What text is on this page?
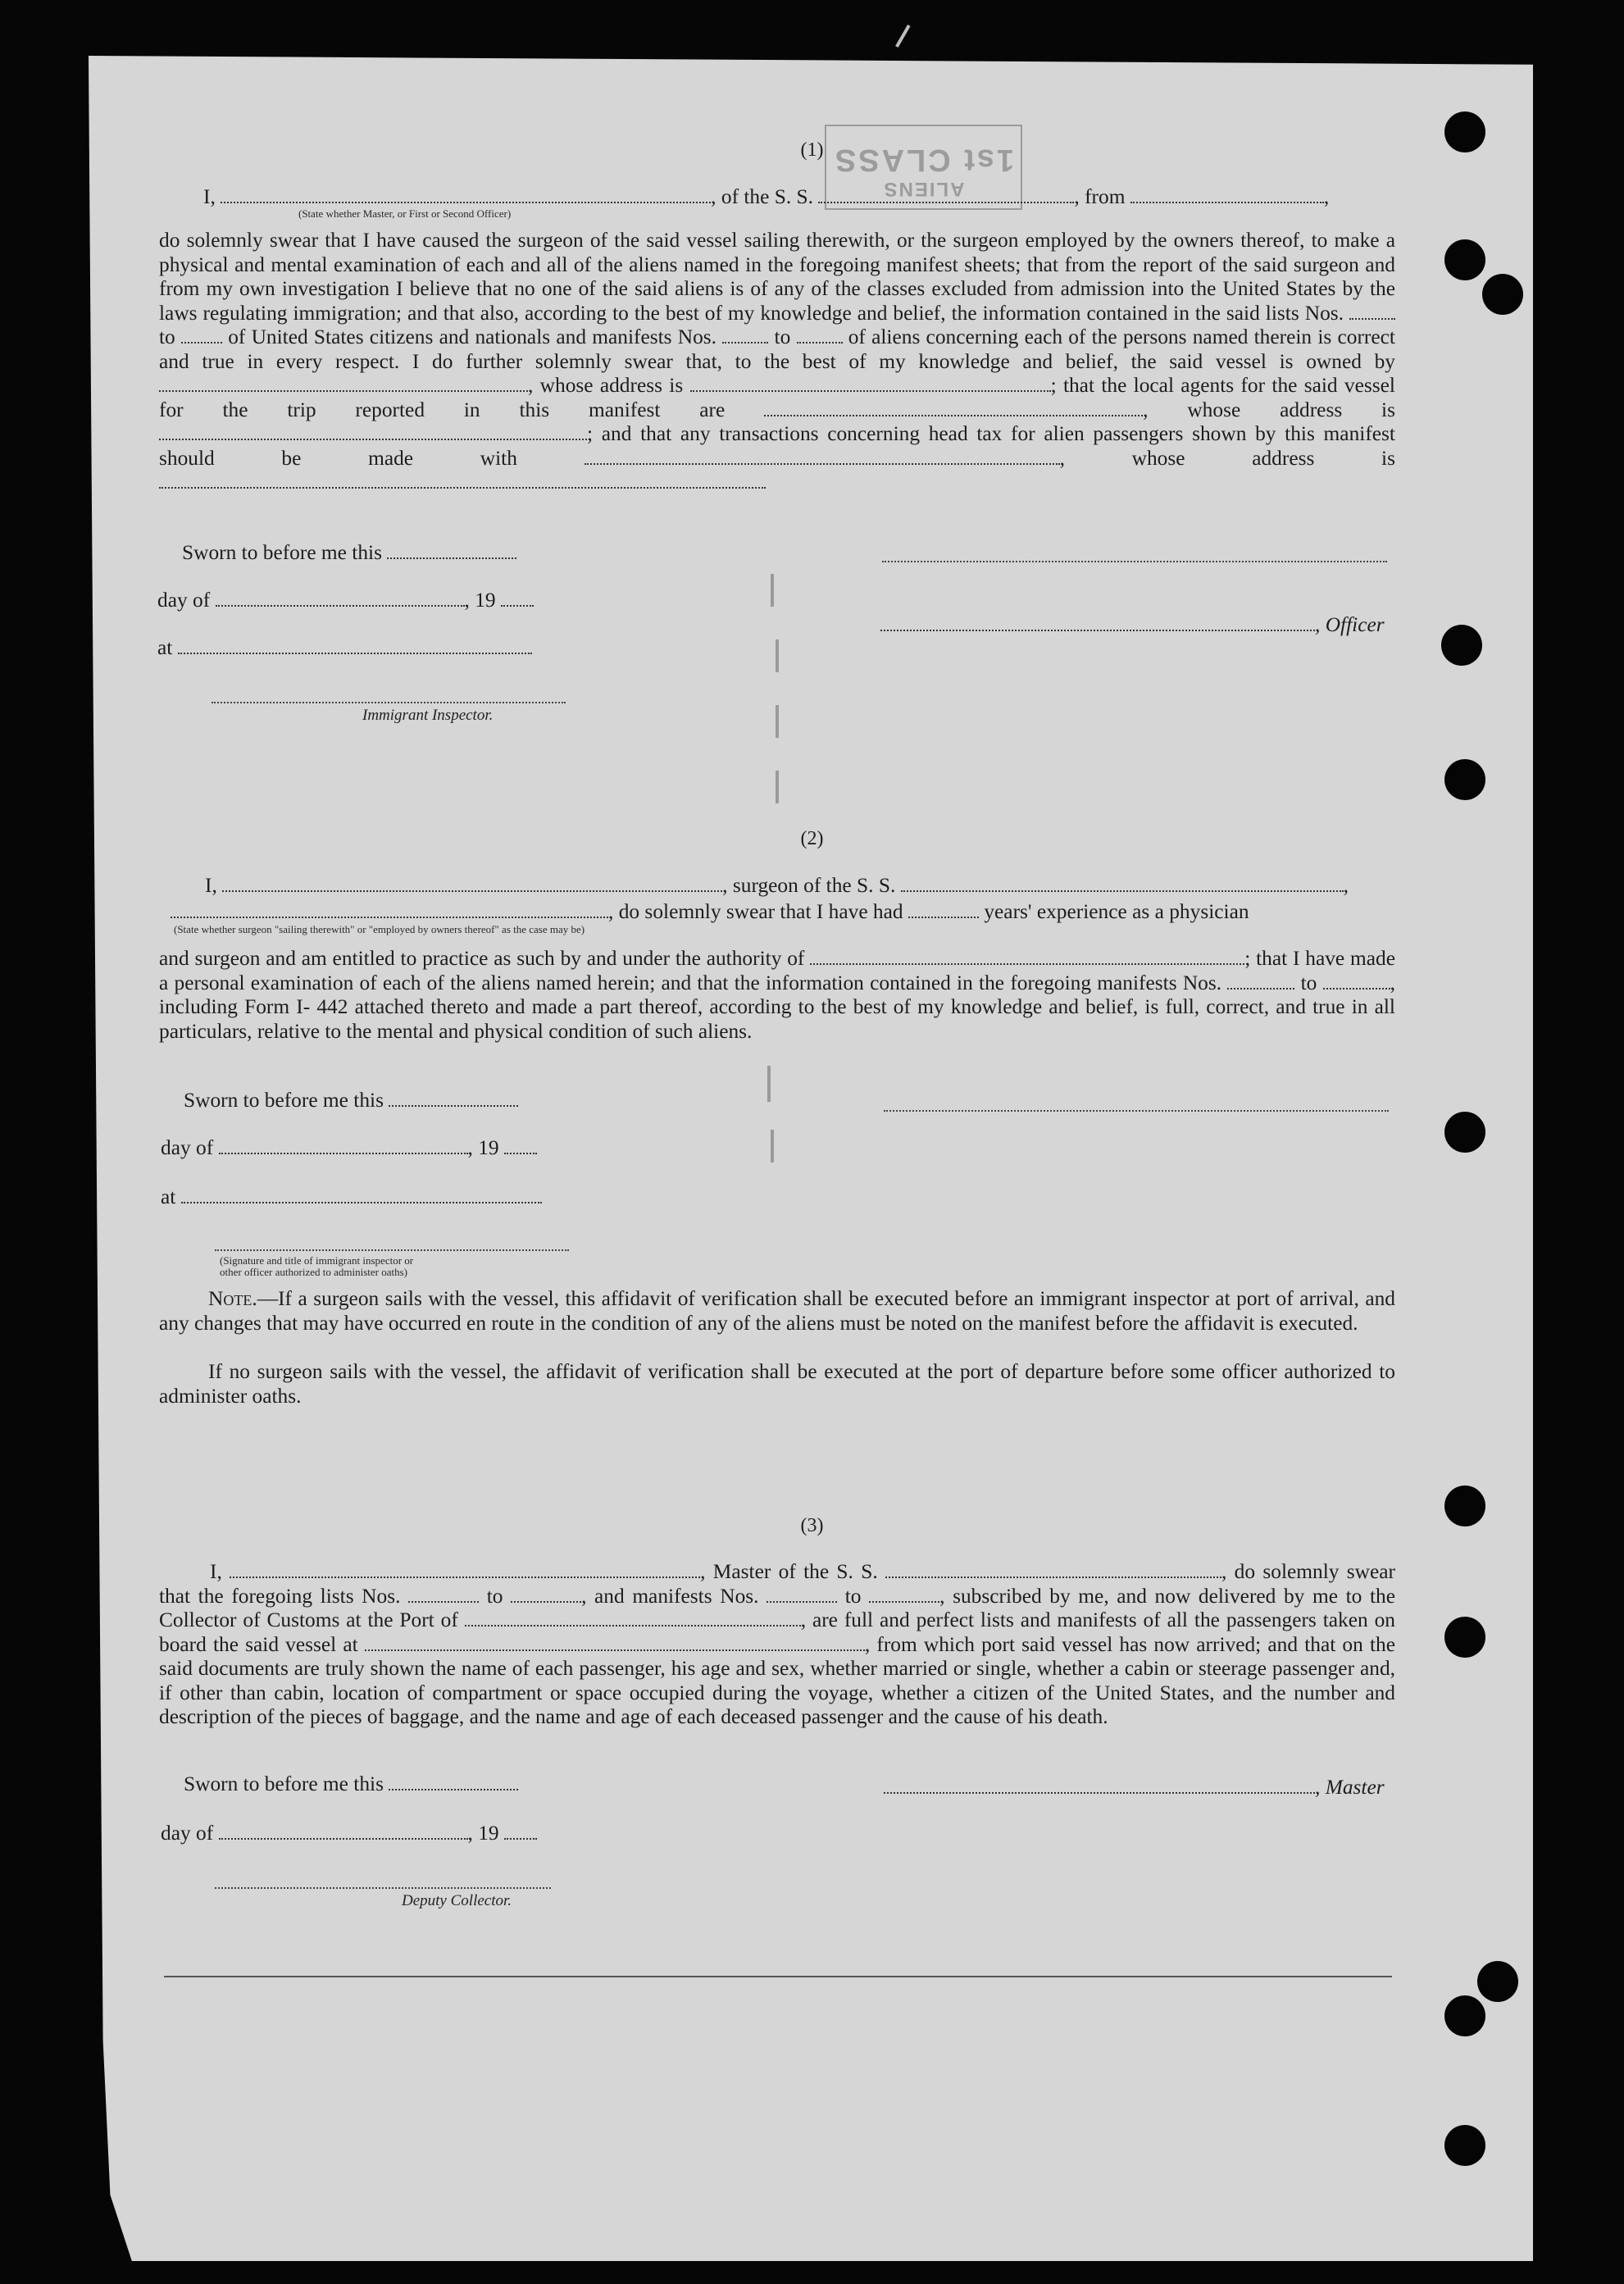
ALIENS
1st CLASS
(1)
I,	, of the S. S.	, from	,
(State whether Master, or First or Second Officer)
do solemnly swear that I have caused the surgeon of the said vessel sailing therewith, or the surgeon employed by the owners thereof, to make a physical and mental examination of each and all of the aliens named in the foregoing manifest sheets; that from the report of the said surgeon and from my own investigation I believe that no one of the said aliens is of any of the classes excluded from admission into the United States by the laws regulating immigration; and that also, according to the best of my knowledge and belief, the information contained in the said lists Nos.  to	of United States citizens and nationals and manifests Nos.	to	of aliens concerning each of the persons named therein is correct and true in every respect. I do further solemnly swear that, to the best of my knowledge and belief, the said vessel is owned by , whose address is	; that the local agents for the said vessel for the trip reported in this manifest are	, whose address is ; and that any transactions concerning head tax for alien passengers shown by this manifest should be made with	, whose address is
Sworn to before me this
day of	, 19
, Officer
at
Immigrant Inspector.
(2)
I,	, surgeon of the S. S.	,
, do solemnly swear that I have had	years' experience as a physician
(State whether surgeon "sailing therewith" or "employed by owners thereof" as the case may be)
and surgeon and am entitled to practice as such by and under the authority of	; that I have made a personal examination of each of the aliens named herein; and that the information contained in the foregoing manifests Nos.	to	, including Form I- 442 attached thereto and made a part thereof, according to the best of my knowledge and belief, is full, correct, and true in all particulars, relative to the mental and physical condition of such aliens.
Sworn to before me this
day of	, 19
at
(Signature and title of immigrant inspector or
other officer authorized to administer oaths)
Note.—If a surgeon sails with the vessel, this affidavit of verification shall be executed before an immigrant inspector at port of arrival, and any changes that may have occurred en route in the condition of any of the aliens must be noted on the manifest before the affidavit is executed.
If no surgeon sails with the vessel, the affidavit of verification shall be executed at the port of departure before some officer authorized to administer oaths.
(3)
I,	, Master of the S. S.	, do solemnly swear that the foregoing lists Nos.	to	, and manifests Nos.	to	, subscribed by me, and now delivered by me to the Collector of Customs at the Port of	, are full and perfect lists and manifests of all the passengers taken on board the said vessel at	, from which port said vessel has now arrived; and that on the said documents are truly shown the name of each passenger, his age and sex, whether married or single, whether a cabin or steerage passenger and, if other than cabin, location of compartment or space occupied during the voyage, whether a citizen of the United States, and the number and description of the pieces of baggage, and the name and age of each deceased passenger and the cause of his death.
Sworn to before me this	, Master
day of	, 19
Deputy Collector.
